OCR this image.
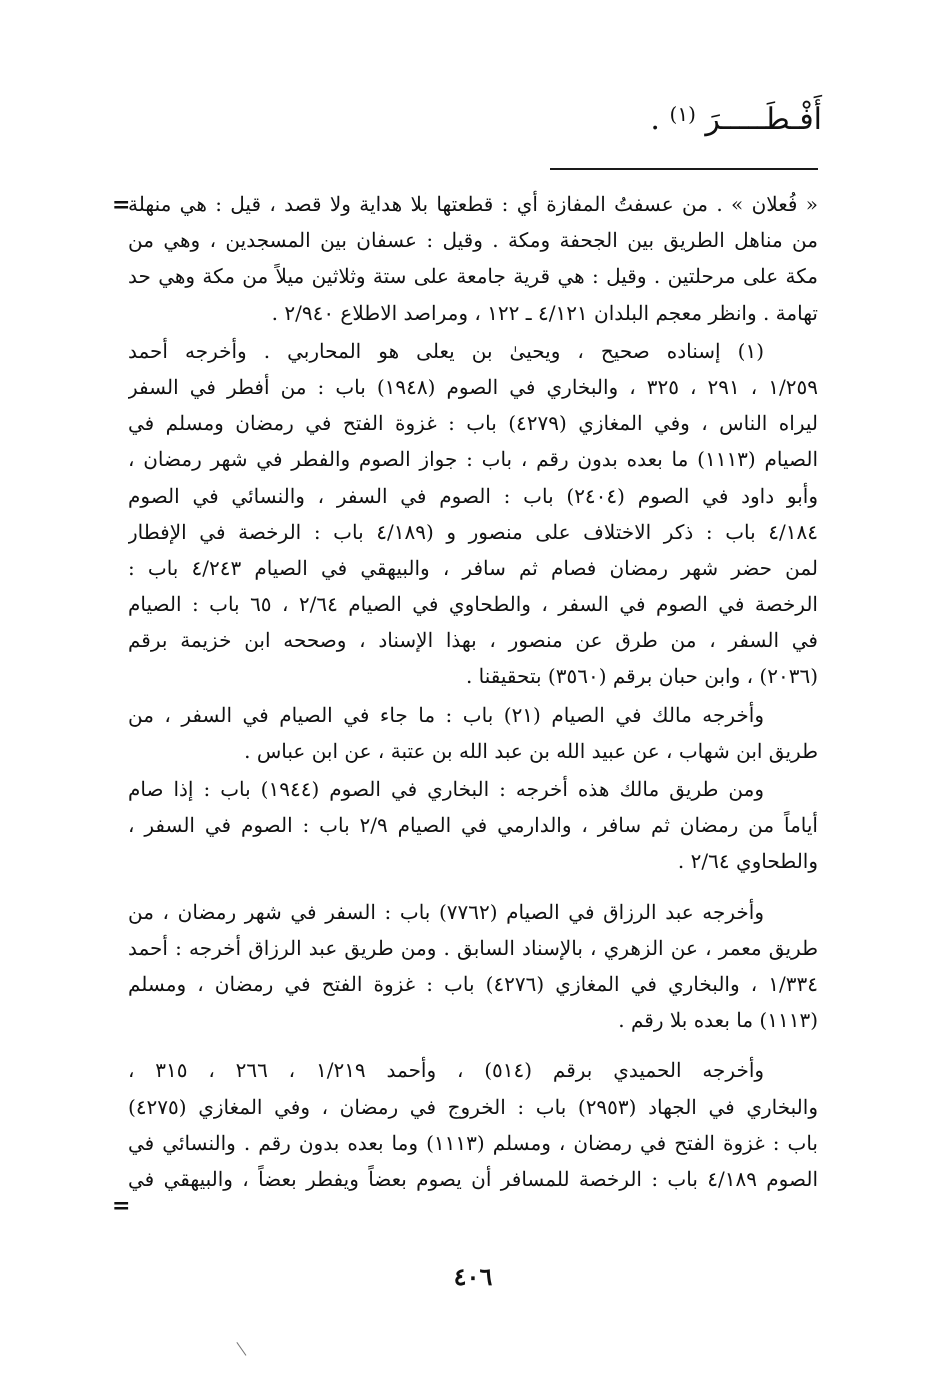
أَفْـطَـــــرَ $^{(١)}$ .
=
=
« فُعلان » . من عسفتُ المفازة أي : قطعتها بلا هداية ولا قصد ، قيل : هي منهلة
من مناهل الطريق بين الجحفة ومكة . وقيل : عسفان بين المسجدين ، وهي من
مكة على مرحلتين . وقيل : هي قرية جامعة على ستة وثلاثين ميلاً من مكة وهي حد
تهامة . وانظر معجم البلدان ٤/١٢١ ـ ١٢٢ ، ومراصد الاطلاع ٢/٩٤٠ .
(١) إسناده صحيح ، ويحيىٰ بن يعلى هو المحاربي . وأخرجه أحمد
١/٢٥٩ ، ٢٩١ ، ٣٢٥ ، والبخاري في الصوم (١٩٤٨) باب : من أفطر في السفر
ليراه الناس ، وفي المغازي (٤٢٧٩) باب : غزوة الفتح في رمضان ومسلم في
الصيام (١١١٣) ما بعده بدون رقم ، باب : جواز الصوم والفطر في شهر رمضان ،
وأبو داود في الصوم (٢٤٠٤) باب : الصوم في السفر ، والنسائي في الصوم
٤/١٨٤ باب : ذكر الاختلاف على منصور و (٤/١٨٩ باب : الرخصة في الإفطار
لمن حضر شهر رمضان فصام ثم سافر ، والبيهقي في الصيام ٤/٢٤٣ باب :
الرخصة في الصوم في السفر ، والطحاوي في الصيام ٢/٦٤ ، ٦٥ باب : الصيام
في السفر ، من طرق عن منصور ، بهذا الإسناد ، وصححه ابن خزيمة برقم
(٢٠٣٦) ، وابن حبان برقم (٣٥٦٠) بتحقيقنا .
وأخرجه مالك في الصيام (٢١) باب : ما جاء في الصيام في السفر ، من
طريق ابن شهاب ، عن عبيد الله بن عبد الله بن عتبة ، عن ابن عباس .
ومن طريق مالك هذه أخرجه : البخاري في الصوم (١٩٤٤) باب : إذا صام
أياماً من رمضان ثم سافر ، والدارمي في الصيام ٢/٩ باب : الصوم في السفر ،
والطحاوي ٢/٦٤ .
وأخرجه عبد الرزاق في الصيام (٧٧٦٢) باب : السفر في شهر رمضان ، من
طريق معمر ، عن الزهري ، بالإسناد السابق . ومن طريق عبد الرزاق أخرجه : أحمد
١/٣٣٤ ، والبخاري في المغازي (٤٢٧٦) باب : غزوة الفتح في رمضان ، ومسلم
(١١١٣) ما بعده بلا رقم .
وأخرجه الحميدي برقم (٥١٤) ، وأحمد ١/٢١٩ ، ٢٦٦ ، ٣١٥ ،
والبخاري في الجهاد (٢٩٥٣) باب : الخروج في رمضان ، وفي المغازي (٤٢٧٥)
باب : غزوة الفتح في رمضان ، ومسلم (١١١٣) وما بعده بدون رقم . والنسائي في
الصوم ٤/١٨٩ باب : الرخصة للمسافر أن يصوم بعضاً ويفطر بعضاً ، والبيهقي في
٤٠٦
